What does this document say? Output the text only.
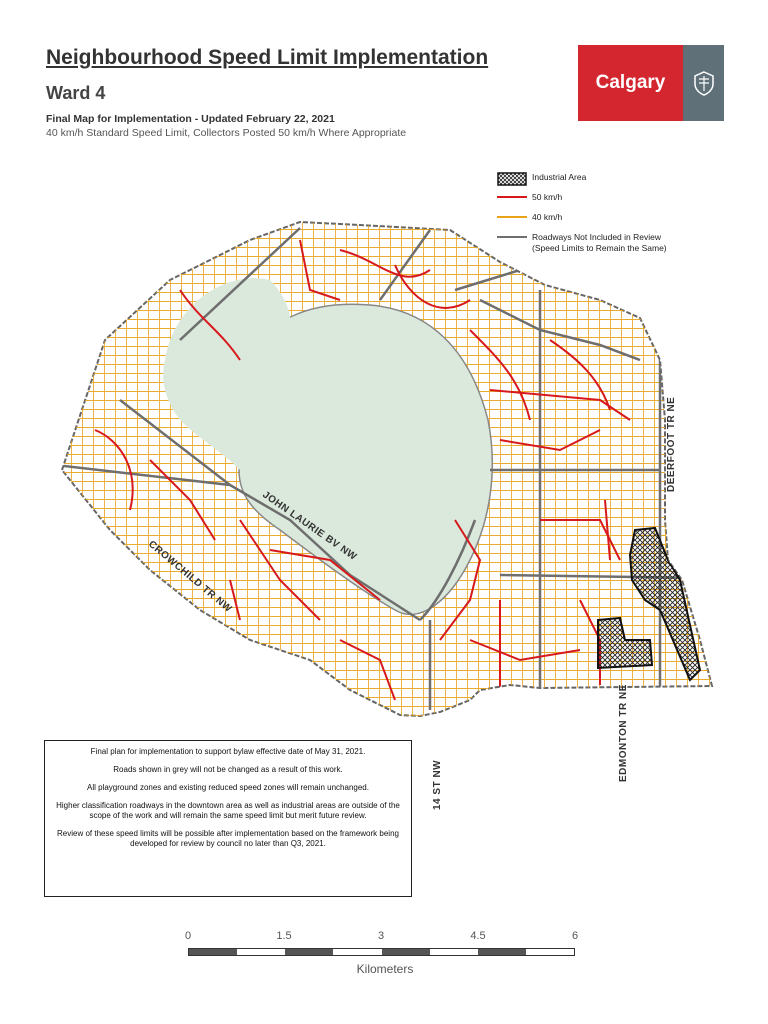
Neighbourhood Speed Limit Implementation
Ward 4
Final Map for Implementation - Updated February 22, 2021
40 km/h Standard Speed Limit, Collectors Posted 50 km/h Where Appropriate
Calgary
Industrial Area
50 km/h
40 km/h
Roadways Not Included in Review
(Speed Limits to Remain the Same)
DEERFOOT TR NE
JOHN LAURIE BV NW
CROWCHILD TR NW
14 ST NW
EDMONTON TR NE

Final plan for implementation to support bylaw effective date of May 31, 2021.

Roads shown in grey will not be changed as a result of this work.

All playground zones and existing reduced speed zones will remain unchanged.

Higher classification roadways in the downtown area as well as industrial areas are outside of the scope of the work and will remain the same speed limit but merit future review.

Review of these speed limits will be possible after implementation based on the framework being developed for review by council no later than Q3, 2021.

0	1.5	3	4.5	6
Kilometers
